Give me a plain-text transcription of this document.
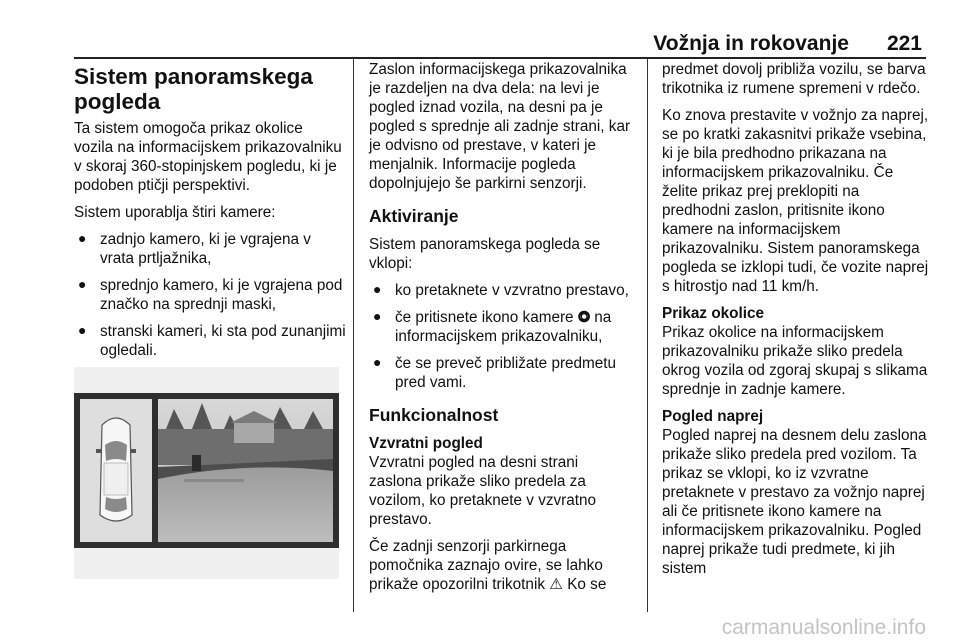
Vožnja in rokovanje 221
Sistem panoramskega pogleda

Ta sistem omogoča prikaz okolice vozila na informacijskem prikazovalniku v skoraj 360-stopinjskem pogledu, ki je podoben ptičji perspektivi.

Sistem uporablja štiri kamere:

● zadnjo kamero, ki je vgrajena v vrata prtljažnika,
● sprednjo kamero, ki je vgrajena pod značko na sprednji maski,
● stranski kameri, ki sta pod zunanjimi ogledali.

Zaslon informacijskega prikazovalnika je razdeljen na dva dela: na levi je pogled iznad vozila, na desni pa je pogled s sprednje ali zadnje strani, kar je odvisno od prestave, v kateri je menjalnik. Informacije pogleda dopolnjujejo še parkirni senzorji.

Aktiviranje

Sistem panoramskega pogleda se vklopi:

● ko pretaknete v vzvratno prestavo,
● če pritisnete ikono kamere ⭗ na informacijskem prikazovalniku,
● če se preveč približate predmetu pred vami.
Funkcionalnost
Vzvratni pogled

Vzvratni pogled na desni strani zaslona prikaže sliko predela za vozilom, ko pretaknete v vzvratno prestavo.

Če zadnji senzorji parkirnega pomočnika zaznajo ovire, se lahko prikaže opozorilni trikotnik ⚠ Ko se

predmet dovolj približa vozilu, se barva trikotnika iz rumene spremeni v rdečo.

Ko znova prestavite v vožnjo za naprej, se po kratki zakasnitvi prikaže vsebina, ki je bila predhodno prikazana na informacijskem prikazovalniku. Če želite prikaz prej preklopiti na predhodni zaslon, pritisnite ikono kamere na informacijskem prikazovalniku. Sistem panoramskega pogleda se izklopi tudi, če vozite naprej s hitrostjo nad 11 km/h.

Prikaz okolice

Prikaz okolice na informacijskem prikazovalniku prikaže sliko predela okrog vozila od zgoraj skupaj s slikama sprednje in zadnje kamere.

Pogled naprej

Pogled naprej na desnem delu zaslona prikaže sliko predela pred vozilom. Ta prikaz se vklopi, ko iz vzvratne pretaknete v prestavo za vožnjo naprej ali če pritisnete ikono kamere na informacijskem prikazovalniku. Pogled naprej prikaže tudi predmete, ki jih sistem

carmanualsonline.info
